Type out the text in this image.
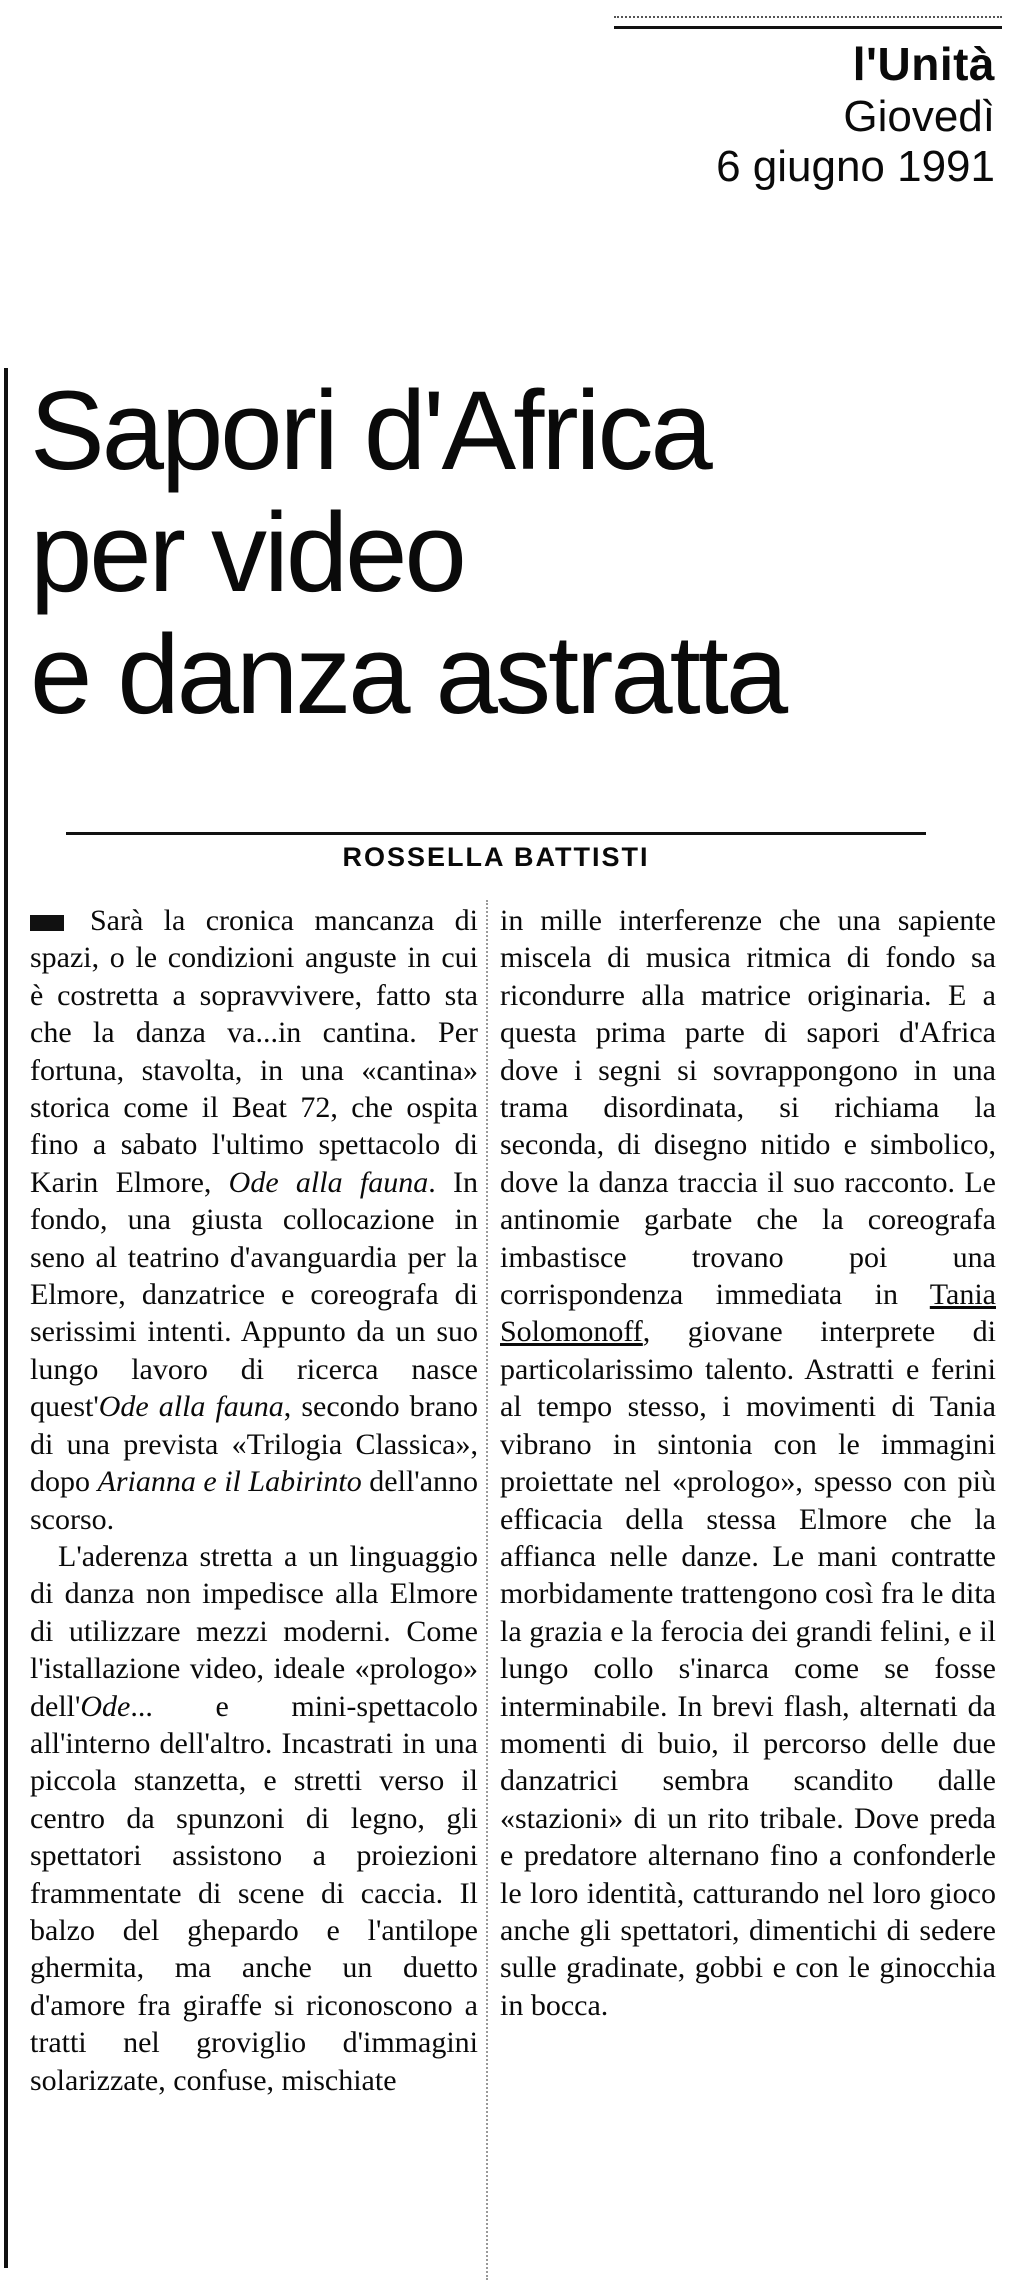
l'Unità
Giovedì
6 giugno 1991
Sapori d'Africa
per video
e danza astratta
ROSSELLA BATTISTI

Sarà la cronica mancanza di spazi, o le condizioni anguste in cui è costretta a sopravvivere, fatto sta che la danza va...in cantina. Per fortuna, stavolta, in una «cantina» storica come il Beat 72, che ospita fino a sabato l'ultimo spettacolo di Karin Elmore, Ode alla fauna. In fondo, una giusta collocazione in seno al teatrino d'avanguardia per la Elmore, danzatrice e coreografa di serissimi intenti. Appunto da un suo lungo lavoro di ricerca nasce quest'Ode alla fauna, secondo brano di una prevista «Trilogia Classica», dopo Arianna e il Labirinto dell'anno scorso.

L'aderenza stretta a un linguaggio di danza non impedisce alla Elmore di utilizzare mezzi moderni. Come l'istallazione video, ideale «prologo» dell'Ode... e mini-spettacolo all'interno dell'altro. Incastrati in una piccola stanzetta, e stretti verso il centro da spunzoni di legno, gli spettatori assistono a proiezioni frammentate di scene di caccia. Il balzo del ghepardo e l'antilope ghermita, ma anche un duetto d'amore fra giraffe si riconoscono a tratti nel groviglio d'immagini solarizzate, confuse, mischiate

in mille interferenze che una sapiente miscela di musica ritmica di fondo sa ricondurre alla matrice originaria. E a questa prima parte di sapori d'Africa dove i segni si sovrappongono in una trama disordinata, si richiama la seconda, di disegno nitido e simbolico, dove la danza traccia il suo racconto. Le antinomie garbate che la coreografa imbastisce trovano poi una corrispondenza immediata in Tania Solomonoff, giovane interprete di particolarissimo talento. Astratti e ferini al tempo stesso, i movimenti di Tania vibrano in sintonia con le immagini proiettate nel «prologo», spesso con più efficacia della stessa Elmore che la affianca nelle danze. Le mani contratte morbidamente trattengono così fra le dita la grazia e la ferocia dei grandi felini, e il lungo collo s'inarca come se fosse interminabile. In brevi flash, alternati da momenti di buio, il percorso delle due danzatrici sembra scandito dalle «stazioni» di un rito tribale. Dove preda e predatore alternano fino a confonderle le loro identità, catturando nel loro gioco anche gli spettatori, dimentichi di sedere sulle gradinate, gobbi e con le ginocchia in bocca.
